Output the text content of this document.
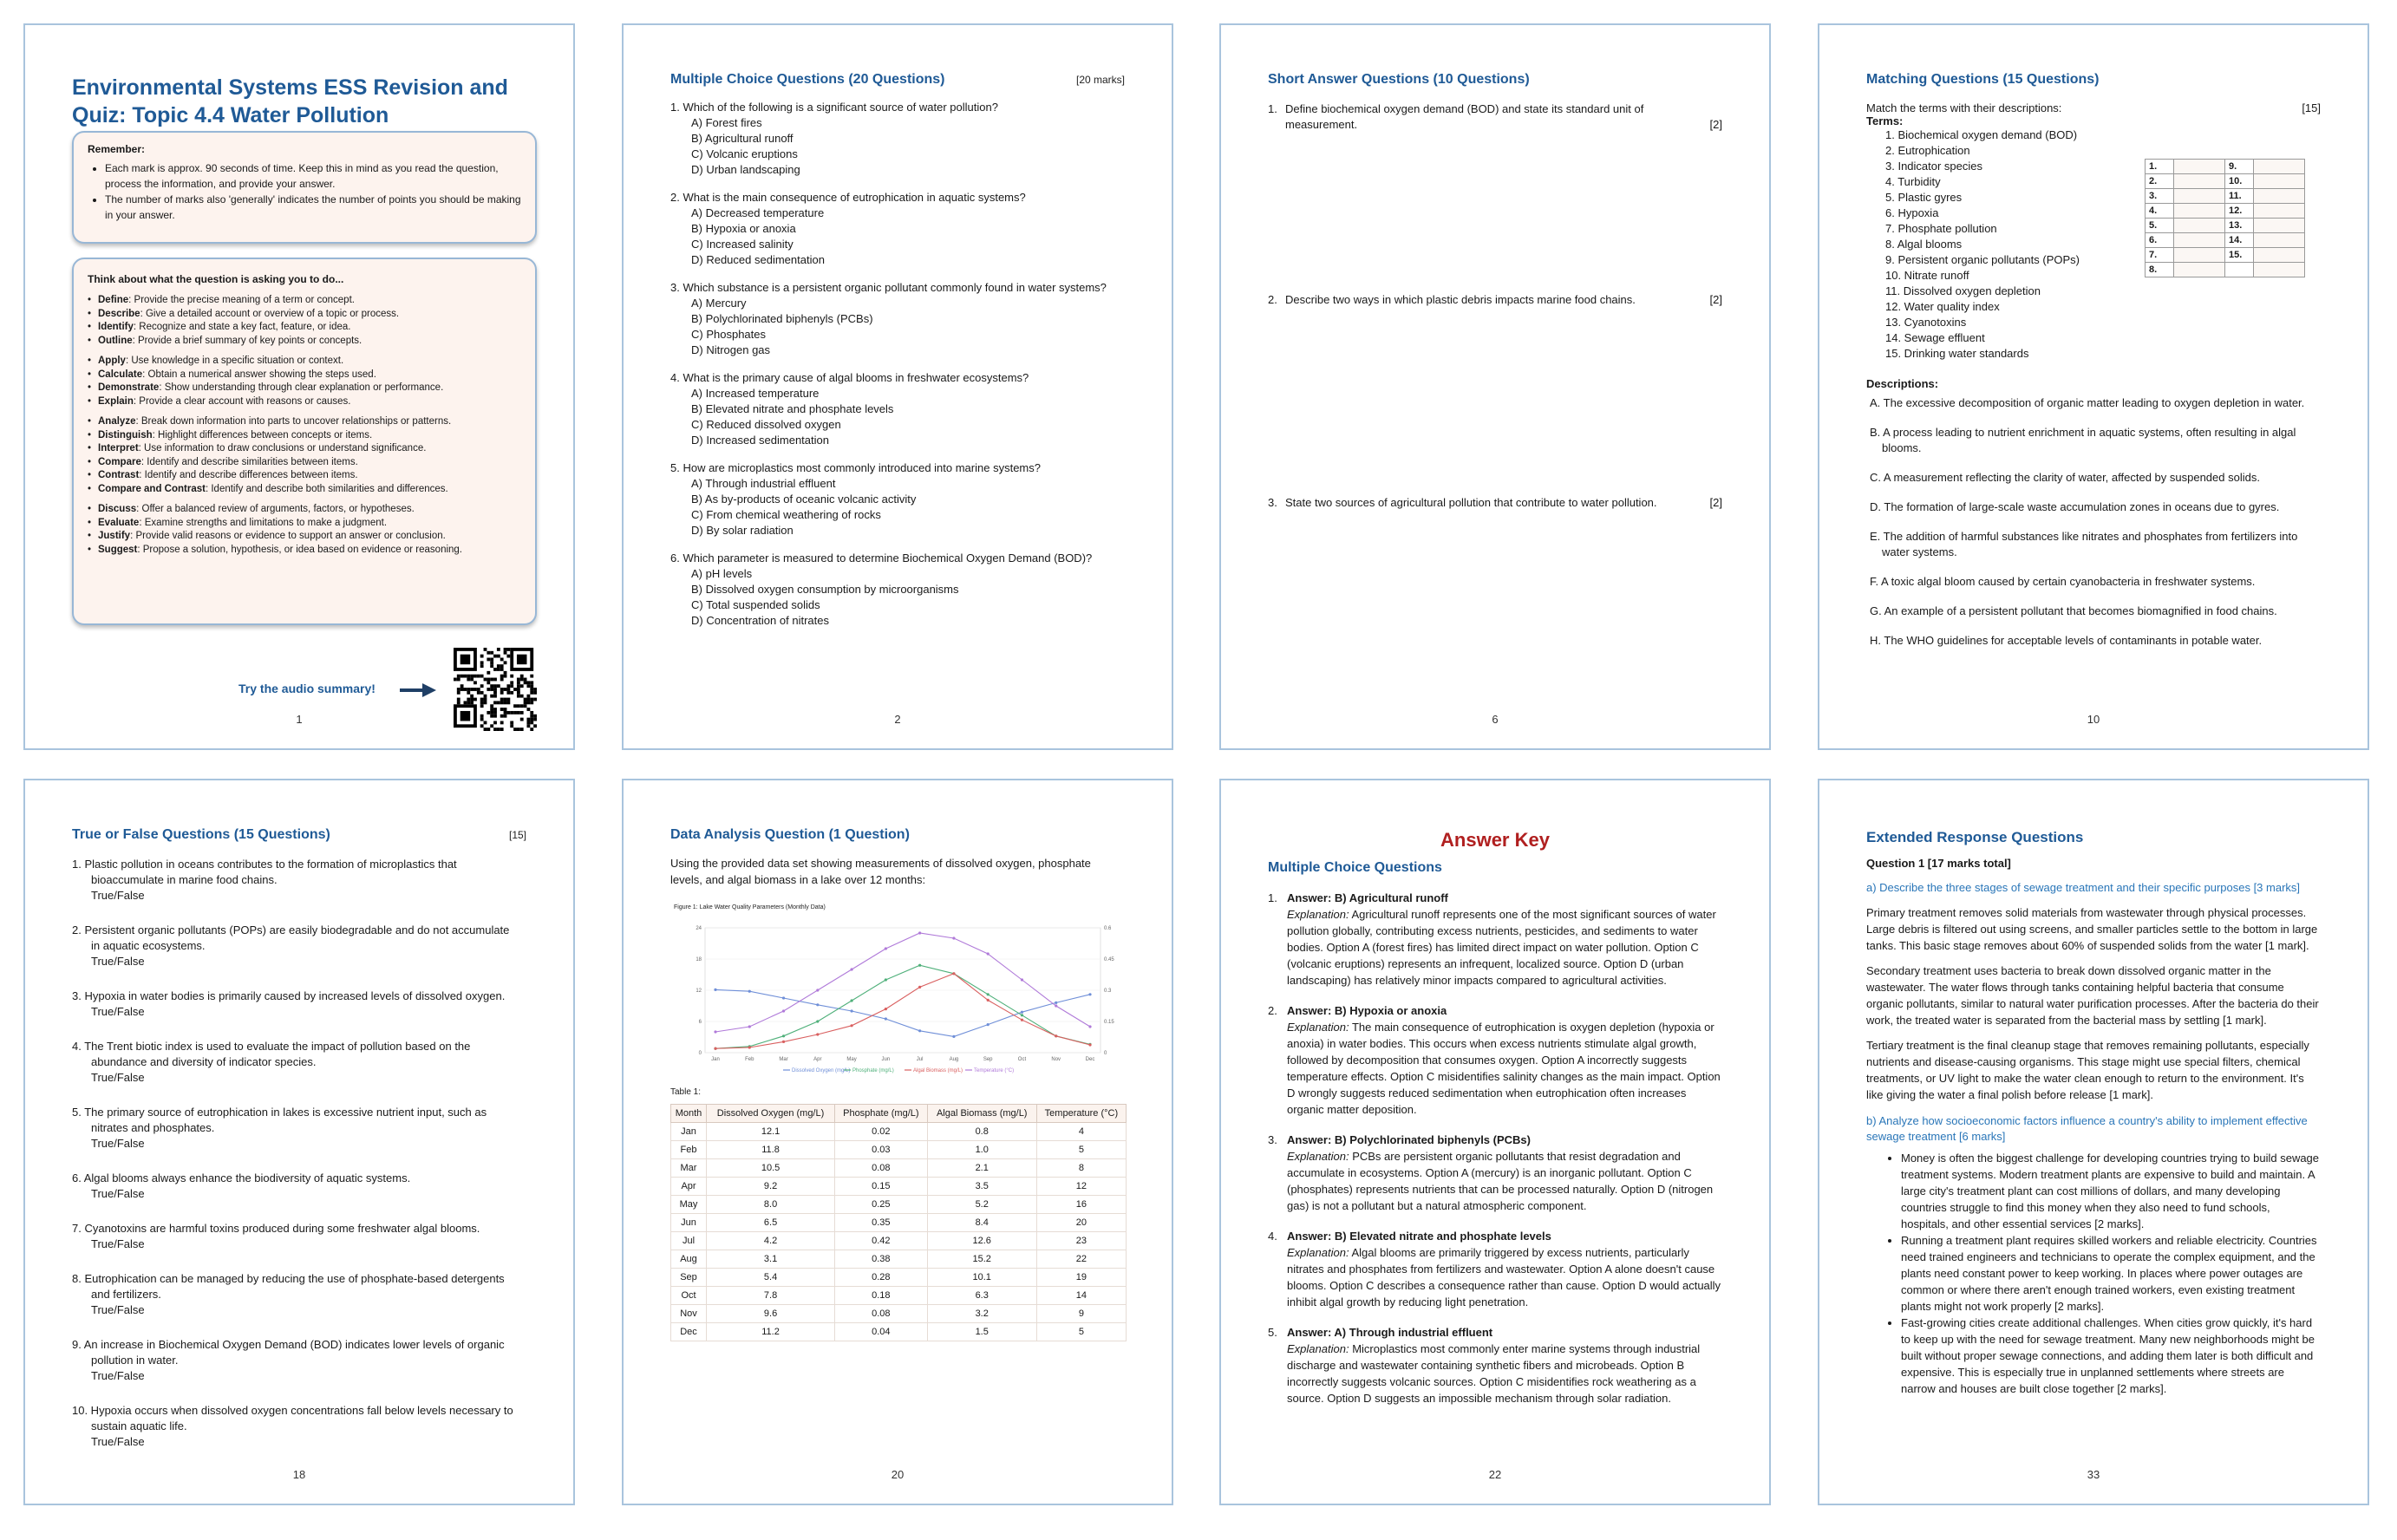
Environmental Systems ESS Revision and Quiz: Topic 4.4 Water Pollution
Remember:
• Each mark is approx. 90 seconds of time. Keep this in mind as you read the question, process the information, and provide your answer.
• The number of marks also 'generally' indicates the number of points you should be making in your answer.
Think about what the question is asking you to do...
• Define: Provide the precise meaning of a term or concept.
• Describe: Give a detailed account or overview of a topic or process.
• Identify: Recognize and state a key fact, feature, or idea.
• Outline: Provide a brief summary of key points or concepts.
• Apply: Use knowledge in a specific situation or context.
• Calculate: Obtain a numerical answer showing the steps used.
• Demonstrate: Show understanding through clear explanation or performance.
• Explain: Provide a clear account with reasons or causes.
• Analyze: Break down information into parts to uncover relationships or patterns.
• Distinguish: Highlight differences between concepts or items.
• Interpret: Use information to draw conclusions or understand significance.
• Compare: Identify and describe similarities between items.
• Contrast: Identify and describe differences between items.
• Compare and Contrast: Identify and describe both similarities and differences.
• Discuss: Offer a balanced review of arguments, factors, or hypotheses.
• Evaluate: Examine strengths and limitations to make a judgment.
• Justify: Provide valid reasons or evidence to support an answer or conclusion.
• Suggest: Propose a solution, hypothesis, or idea based on evidence or reasoning.
Try the audio summary!
1
Multiple Choice Questions (20 Questions)	[20 marks]
1. Which of the following is a significant source of water pollution?
A) Forest fires
B) Agricultural runoff
C) Volcanic eruptions
D) Urban landscaping
2. What is the main consequence of eutrophication in aquatic systems?
A) Decreased temperature
B) Hypoxia or anoxia
C) Increased salinity
D) Reduced sedimentation
3. Which substance is a persistent organic pollutant commonly found in water systems?
A) Mercury
B) Polychlorinated biphenyls (PCBs)
C) Phosphates
D) Nitrogen gas
4. What is the primary cause of algal blooms in freshwater ecosystems?
A) Increased temperature
B) Elevated nitrate and phosphate levels
C) Reduced dissolved oxygen
D) Increased sedimentation
5. How are microplastics most commonly introduced into marine systems?
A) Through industrial effluent
B) As by-products of oceanic volcanic activity
C) From chemical weathering of rocks
D) By solar radiation
6. Which parameter is measured to determine Biochemical Oxygen Demand (BOD)?
A) pH levels
B) Dissolved oxygen consumption by microorganisms
C) Total suspended solids
D) Concentration of nitrates
2
Short Answer Questions (10 Questions)
1. Define biochemical oxygen demand (BOD) and state its standard unit of measurement.	[2]
2. Describe two ways in which plastic debris impacts marine food chains.	[2]
3. State two sources of agricultural pollution that contribute to water pollution.	[2]
6
Matching Questions (15 Questions)
Match the terms with their descriptions:	[15]
Terms:
1. Biochemical oxygen demand (BOD)
2. Eutrophication
3. Indicator species
4. Turbidity
5. Plastic gyres
6. Hypoxia
7. Phosphate pollution
8. Algal blooms
9. Persistent organic pollutants (POPs)
10. Nitrate runoff
11. Dissolved oxygen depletion
12. Water quality index
13. Cyanotoxins
14. Sewage effluent
15. Drinking water standards
Descriptions:
A. The excessive decomposition of organic matter leading to oxygen depletion in water.
B. A process leading to nutrient enrichment in aquatic systems, often resulting in algal blooms.
C. A measurement reflecting the clarity of water, affected by suspended solids.
D. The formation of large-scale waste accumulation zones in oceans due to gyres.
E. The addition of harmful substances like nitrates and phosphates from fertilizers into water systems.
F. A toxic algal bloom caused by certain cyanobacteria in freshwater systems.
G. An example of a persistent pollutant that becomes biomagnified in food chains.
H. The WHO guidelines for acceptable levels of contaminants in potable water.
10
1.		9.	
2.		10.	
3.		11.	
4.		12.	
5.		13.	
6.		14.	
7.		15.	
8.			
True or False Questions (15 Questions)	[15]
1. Plastic pollution in oceans contributes to the formation of microplastics that
bioaccumulate in marine food chains.
True/False
2. Persistent organic pollutants (POPs) are easily biodegradable and do not accumulate
in aquatic ecosystems.
True/False
3. Hypoxia in water bodies is primarily caused by increased levels of dissolved oxygen.
True/False
4. The Trent biotic index is used to evaluate the impact of pollution based on the
abundance and diversity of indicator species.
True/False
5. The primary source of eutrophication in lakes is excessive nutrient input, such as
nitrates and phosphates.
True/False
6. Algal blooms always enhance the biodiversity of aquatic systems.
True/False
7. Cyanotoxins are harmful toxins produced during some freshwater algal blooms.
True/False
8. Eutrophication can be managed by reducing the use of phosphate-based detergents
and fertilizers.
True/False
9. An increase in Biochemical Oxygen Demand (BOD) indicates lower levels of organic
pollution in water.
True/False
10. Hypoxia occurs when dissolved oxygen concentrations fall below levels necessary to
sustain aquatic life.
True/False
18
Data Analysis Question (1 Question)
Using the provided data set showing measurements of dissolved oxygen, phosphate levels, and algal biomass in a lake over 12 months:
Figure 1: Lake Water Quality Parameters (Monthly Data)
0
6
12
18
24
0
0.15
0.3
0.45
0.6
Jan	Feb	Mar	Apr	May	Jun	Jul	Aug	Sep	Oct	Nov	Dec
Dissolved Oxygen (mg/L) Phosphate (mg/L)	Algal Biomass (mg/L) Temperature (°C)
Table 1:
Month	Dissolved Oxygen (mg/L)	Phosphate (mg/L)	Algal Biomass (mg/L)	Temperature (°C)
Jan	12.1	0.02	0.8	4
Feb	11.8	0.03	1.0	5
Mar	10.5	0.08	2.1	8
Apr	9.2	0.15	3.5	12
May	8.0	0.25	5.2	16
Jun	6.5	0.35	8.4	20
Jul	4.2	0.42	12.6	23
Aug	3.1	0.38	15.2	22
Sep	5.4	0.28	10.1	19
Oct	7.8	0.18	6.3	14
Nov	9.6	0.08	3.2	9
Dec	11.2	0.04	1.5	5
20
Answer Key
Multiple Choice Questions
1. Answer: B) Agricultural runoff
Explanation: Agricultural runoff represents one of the most significant sources of water pollution globally, contributing excess nutrients, pesticides, and sediments to water bodies. Option A (forest fires) has limited direct impact on water pollution. Option C (volcanic eruptions) represents an infrequent, localized source. Option D (urban landscaping) has relatively minor impacts compared to agricultural activities.
2. Answer: B) Hypoxia or anoxia
Explanation: The main consequence of eutrophication is oxygen depletion (hypoxia or anoxia) in water bodies. This occurs when excess nutrients stimulate algal growth, followed by decomposition that consumes oxygen. Option A incorrectly suggests temperature effects. Option C misidentifies salinity changes as the main impact. Option D wrongly suggests reduced sedimentation when eutrophication often increases organic matter deposition.
3. Answer: B) Polychlorinated biphenyls (PCBs)
Explanation: PCBs are persistent organic pollutants that resist degradation and accumulate in ecosystems. Option A (mercury) is an inorganic pollutant. Option C (phosphates) represents nutrients that can be processed naturally. Option D (nitrogen gas) is not a pollutant but a natural atmospheric component.
4. Answer: B) Elevated nitrate and phosphate levels
Explanation: Algal blooms are primarily triggered by excess nutrients, particularly nitrates and phosphates from fertilizers and wastewater. Option A alone doesn't cause blooms. Option C describes a consequence rather than cause. Option D would actually inhibit algal growth by reducing light penetration.
5. Answer: A) Through industrial effluent
Explanation: Microplastics most commonly enter marine systems through industrial discharge and wastewater containing synthetic fibers and microbeads. Option B incorrectly suggests volcanic sources. Option C misidentifies rock weathering as a source. Option D suggests an impossible mechanism through solar radiation.
22
Extended Response Questions
Question 1 [17 marks total]
a) Describe the three stages of sewage treatment and their specific purposes [3 marks]
Primary treatment removes solid materials from wastewater through physical processes. Large debris is filtered out using screens, and smaller particles settle to the bottom in large tanks. This basic stage removes about 60% of suspended solids from the water [1 mark].
Secondary treatment uses bacteria to break down dissolved organic matter in the wastewater. The water flows through tanks containing helpful bacteria that consume organic pollutants, similar to natural water purification processes. After the bacteria do their work, the treated water is separated from the bacterial mass by settling [1 mark].
Tertiary treatment is the final cleanup stage that removes remaining pollutants, especially nutrients and disease-causing organisms. This stage might use special filters, chemical treatments, or UV light to make the water clean enough to return to the environment. It's like giving the water a final polish before release [1 mark].
b) Analyze how socioeconomic factors influence a country's ability to implement effective sewage treatment [6 marks]
• Money is often the biggest challenge for developing countries trying to build sewage treatment systems. Modern treatment plants are expensive to build and maintain. A large city's treatment plant can cost millions of dollars, and many developing countries struggle to find this money when they also need to fund schools, hospitals, and other essential services [2 marks].
• Running a treatment plant requires skilled workers and reliable electricity. Countries need trained engineers and technicians to operate the complex equipment, and the plants need constant power to keep working. In places where power outages are common or where there aren't enough trained workers, even existing treatment plants might not work properly [2 marks].
• Fast-growing cities create additional challenges. When cities grow quickly, it's hard to keep up with the need for sewage treatment. Many new neighborhoods might be built without proper sewage connections, and adding them later is both difficult and expensive. This is especially true in unplanned settlements where streets are narrow and houses are built close together [2 marks].
33
